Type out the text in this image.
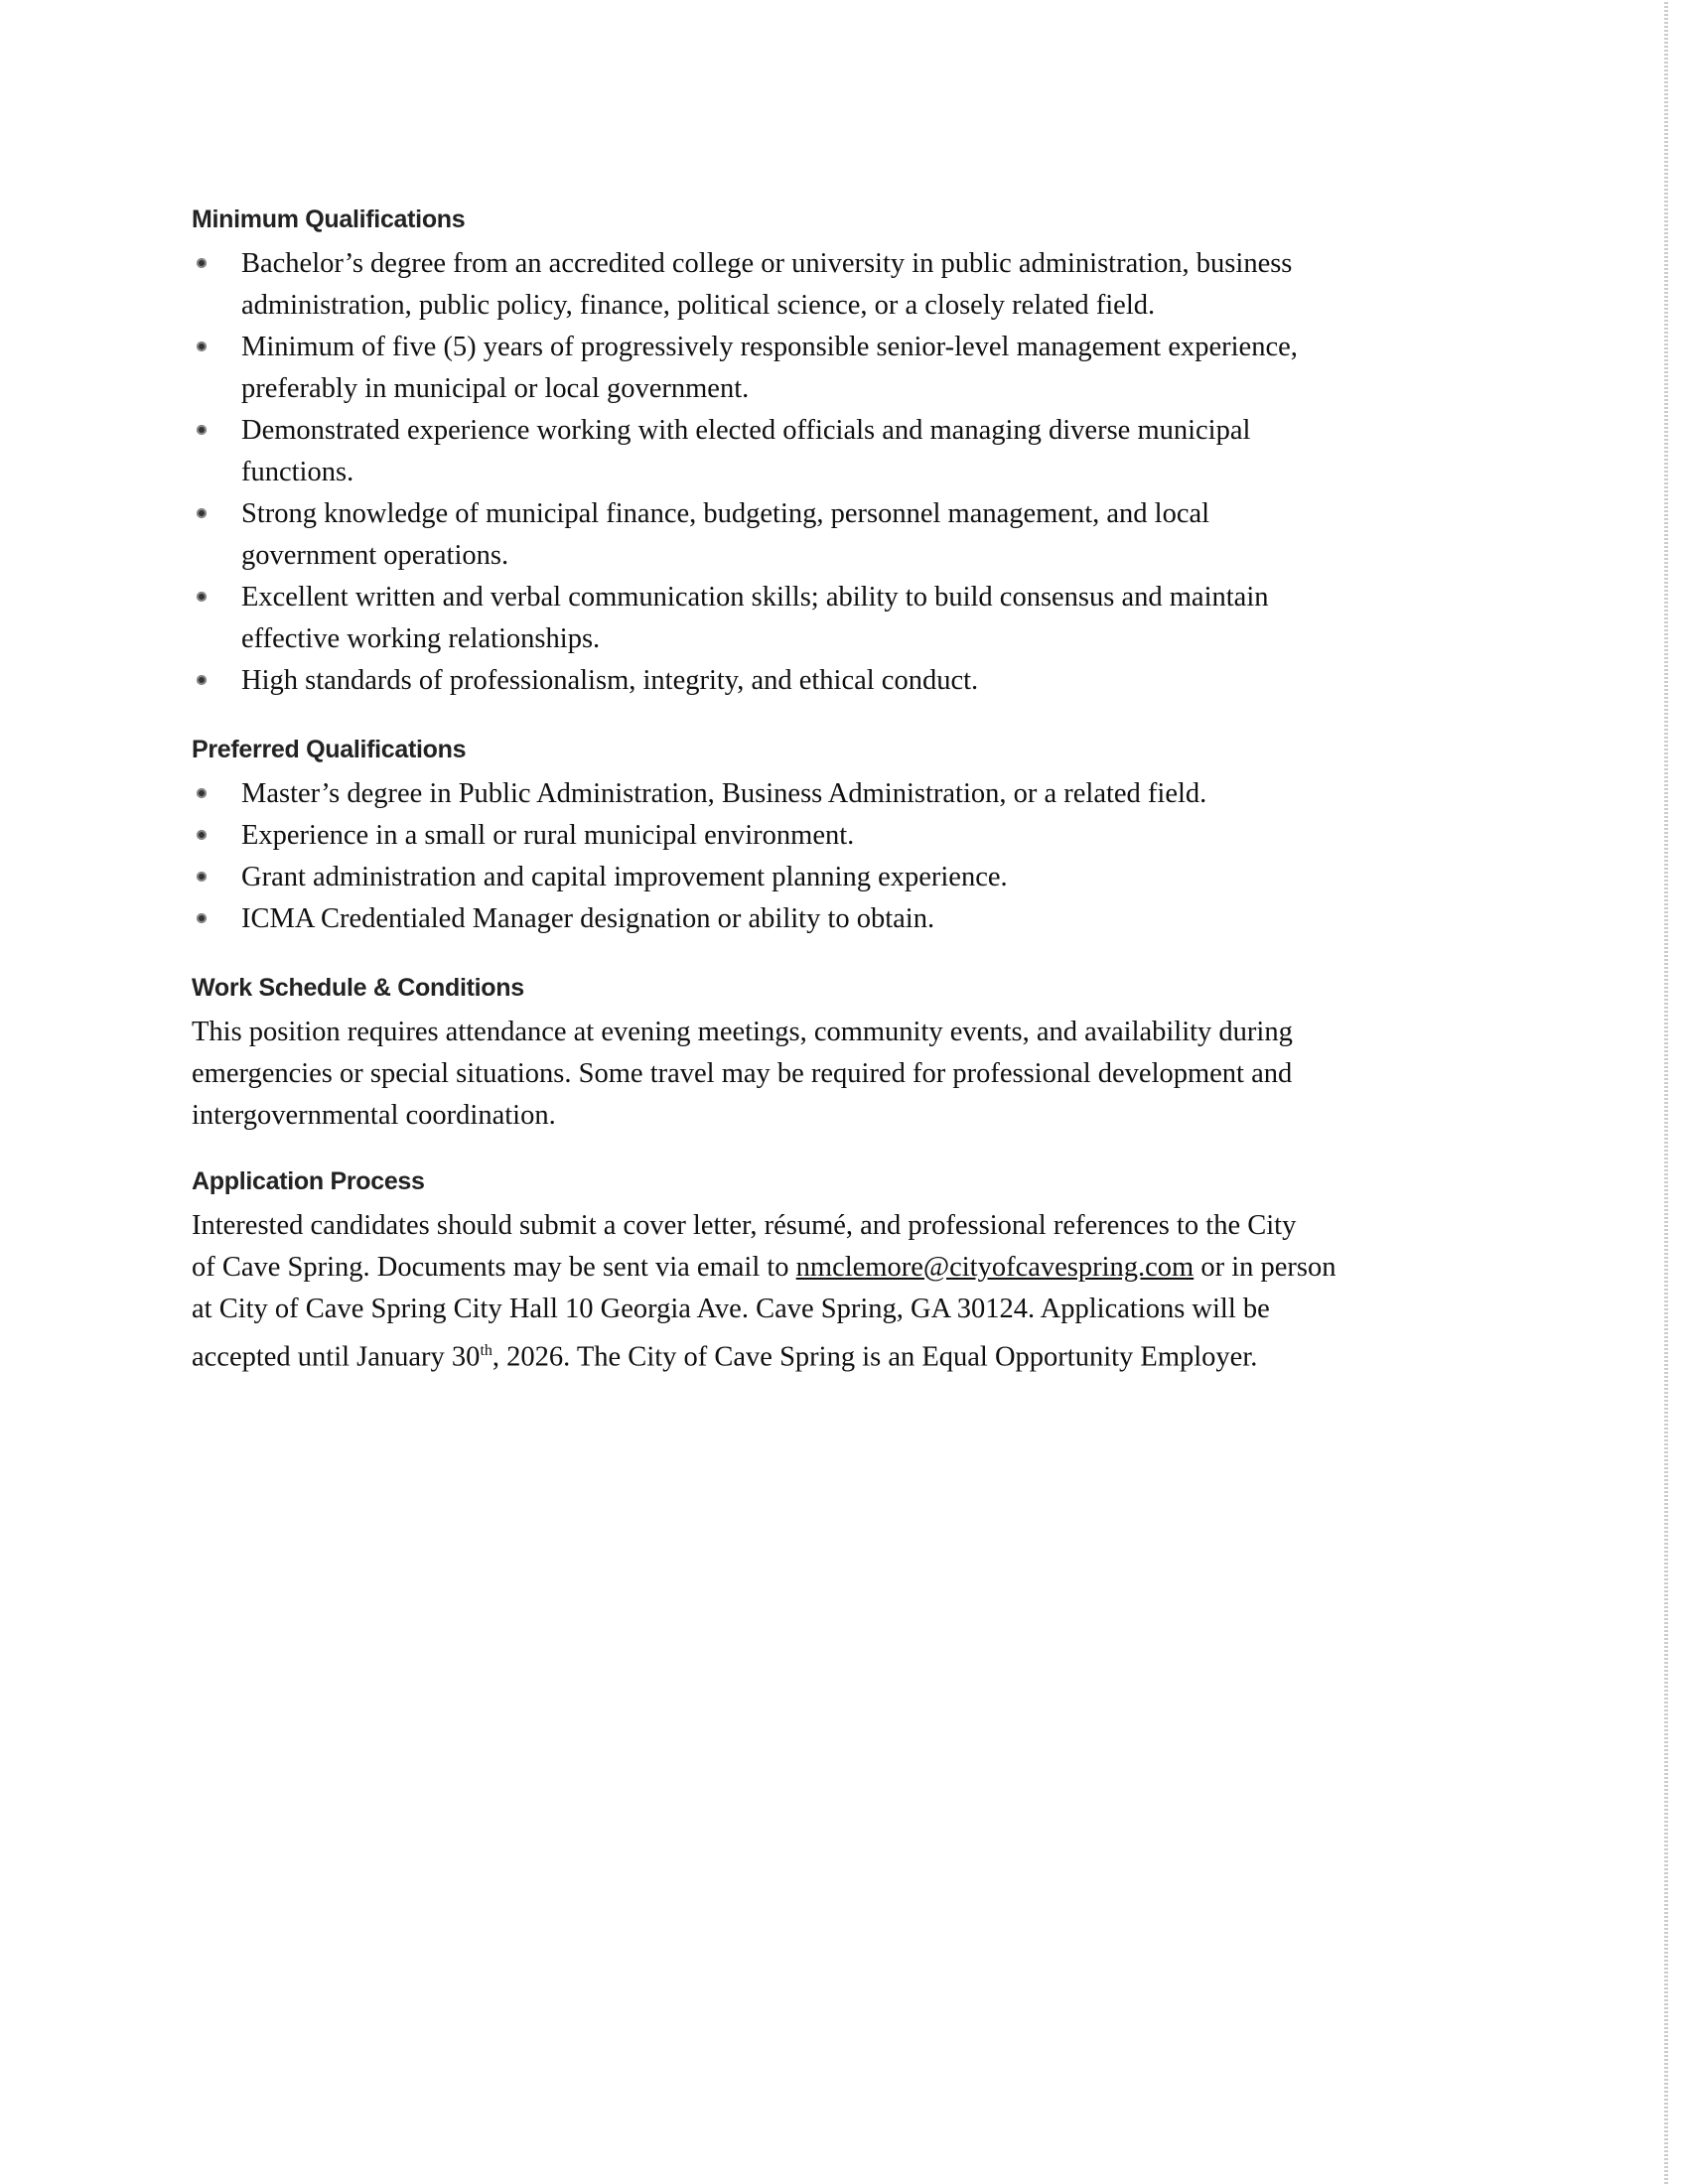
Minimum Qualifications
Bachelor’s degree from an accredited college or university in public administration, business
administration, public policy, finance, political science, or a closely related field.
Minimum of five (5) years of progressively responsible senior-level management experience,
preferably in municipal or local government.
Demonstrated experience working with elected officials and managing diverse municipal
functions.
Strong knowledge of municipal finance, budgeting, personnel management, and local
government operations.
Excellent written and verbal communication skills; ability to build consensus and maintain
effective working relationships.
High standards of professionalism, integrity, and ethical conduct.
Preferred Qualifications
Master’s degree in Public Administration, Business Administration, or a related field.
Experience in a small or rural municipal environment.
Grant administration and capital improvement planning experience.
ICMA Credentialed Manager designation or ability to obtain.
Work Schedule & Conditions
This position requires attendance at evening meetings, community events, and availability during
emergencies or special situations. Some travel may be required for professional development and
intergovernmental coordination.
Application Process
Interested candidates should submit a cover letter, résumé, and professional references to the City
of Cave Spring. Documents may be sent via email to nmclemore@cityofcavespring.com or in person
at City of Cave Spring City Hall 10 Georgia Ave. Cave Spring, GA 30124. Applications will be
accepted until January 30th, 2026. The City of Cave Spring is an Equal Opportunity Employer.
